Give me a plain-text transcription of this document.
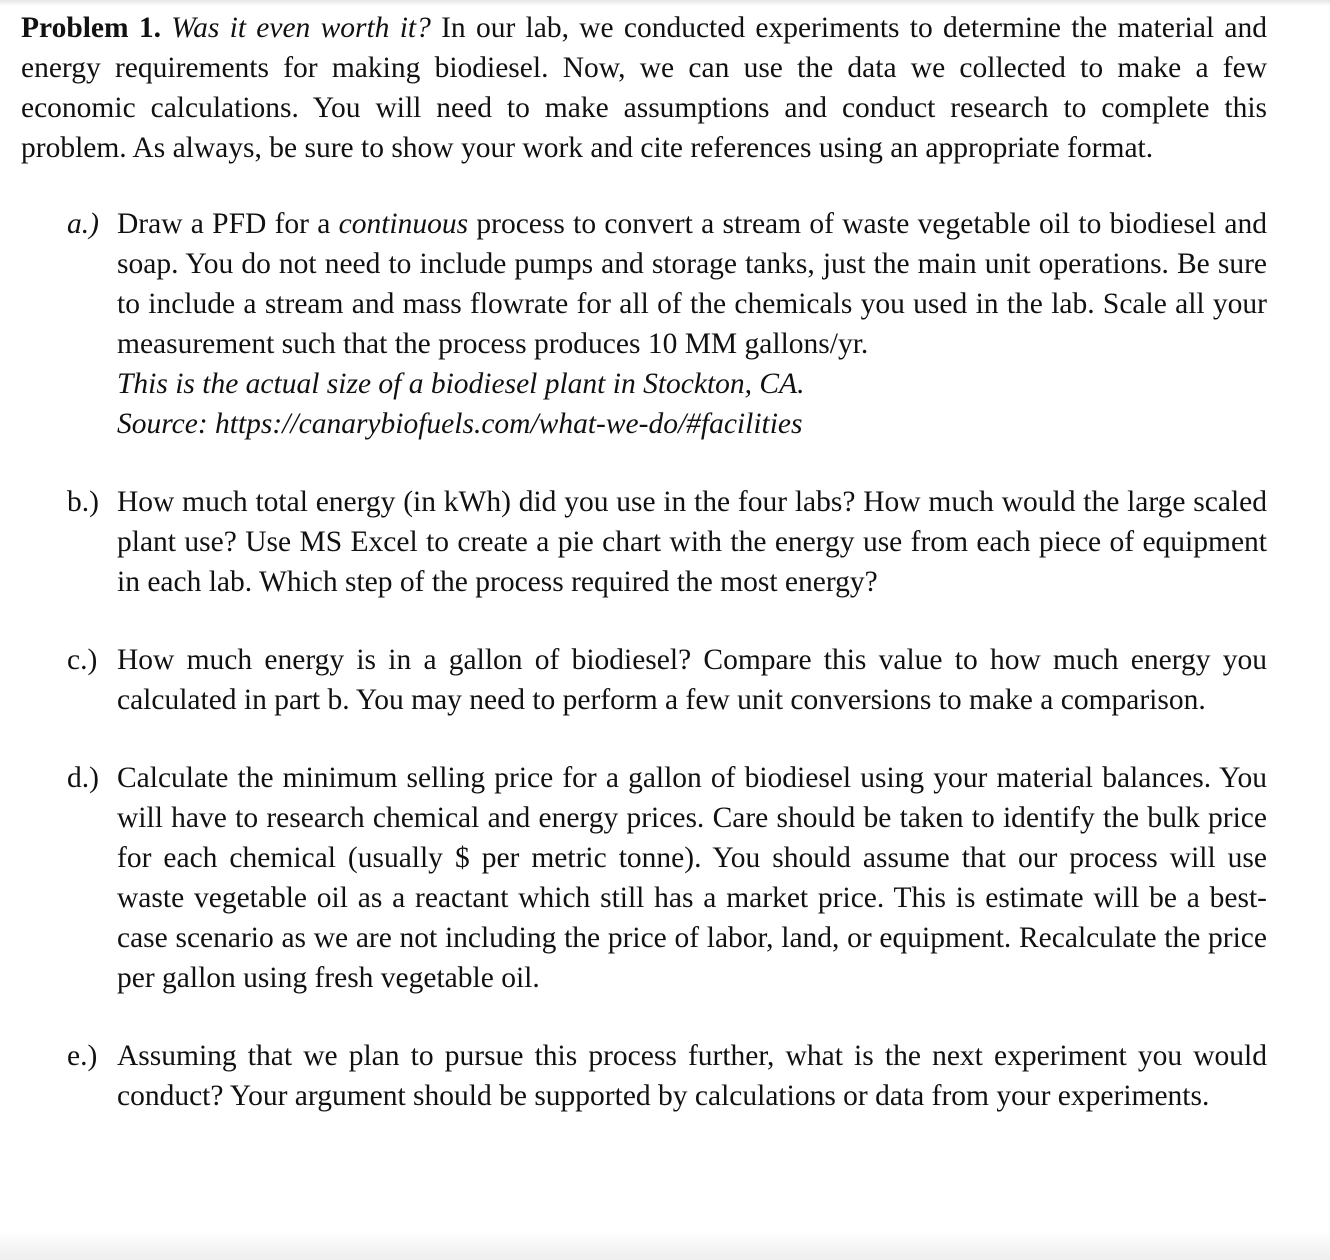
Problem 1. Was it even worth it? In our lab, we conducted experiments to determine the material and energy requirements for making biodiesel. Now, we can use the data we collected to make a few economic calculations. You will need to make assumptions and conduct research to complete this problem. As always, be sure to show your work and cite references using an appropriate format.

a.) Draw a PFD for a continuous process to convert a stream of waste vegetable oil to biodiesel and soap. You do not need to include pumps and storage tanks, just the main unit operations. Be sure to include a stream and mass flowrate for all of the chemicals you used in the lab. Scale all your measurement such that the process produces 10 MM gallons/yr.
This is the actual size of a biodiesel plant in Stockton, CA.
Source: https://canarybiofuels.com/what-we-do/#facilities
b.) How much total energy (in kWh) did you use in the four labs? How much would the large scaled plant use? Use MS Excel to create a pie chart with the energy use from each piece of equipment in each lab. Which step of the process required the most energy?
c.) How much energy is in a gallon of biodiesel? Compare this value to how much energy you calculated in part b. You may need to perform a few unit conversions to make a comparison.
d.) Calculate the minimum selling price for a gallon of biodiesel using your material balances. You will have to research chemical and energy prices. Care should be taken to identify the bulk price for each chemical (usually $ per metric tonne). You should assume that our process will use waste vegetable oil as a reactant which still has a market price. This is estimate will be a best-case scenario as we are not including the price of labor, land, or equipment. Recalculate the price per gallon using fresh vegetable oil.
e.) Assuming that we plan to pursue this process further, what is the next experiment you would conduct? Your argument should be supported by calculations or data from your experiments.
